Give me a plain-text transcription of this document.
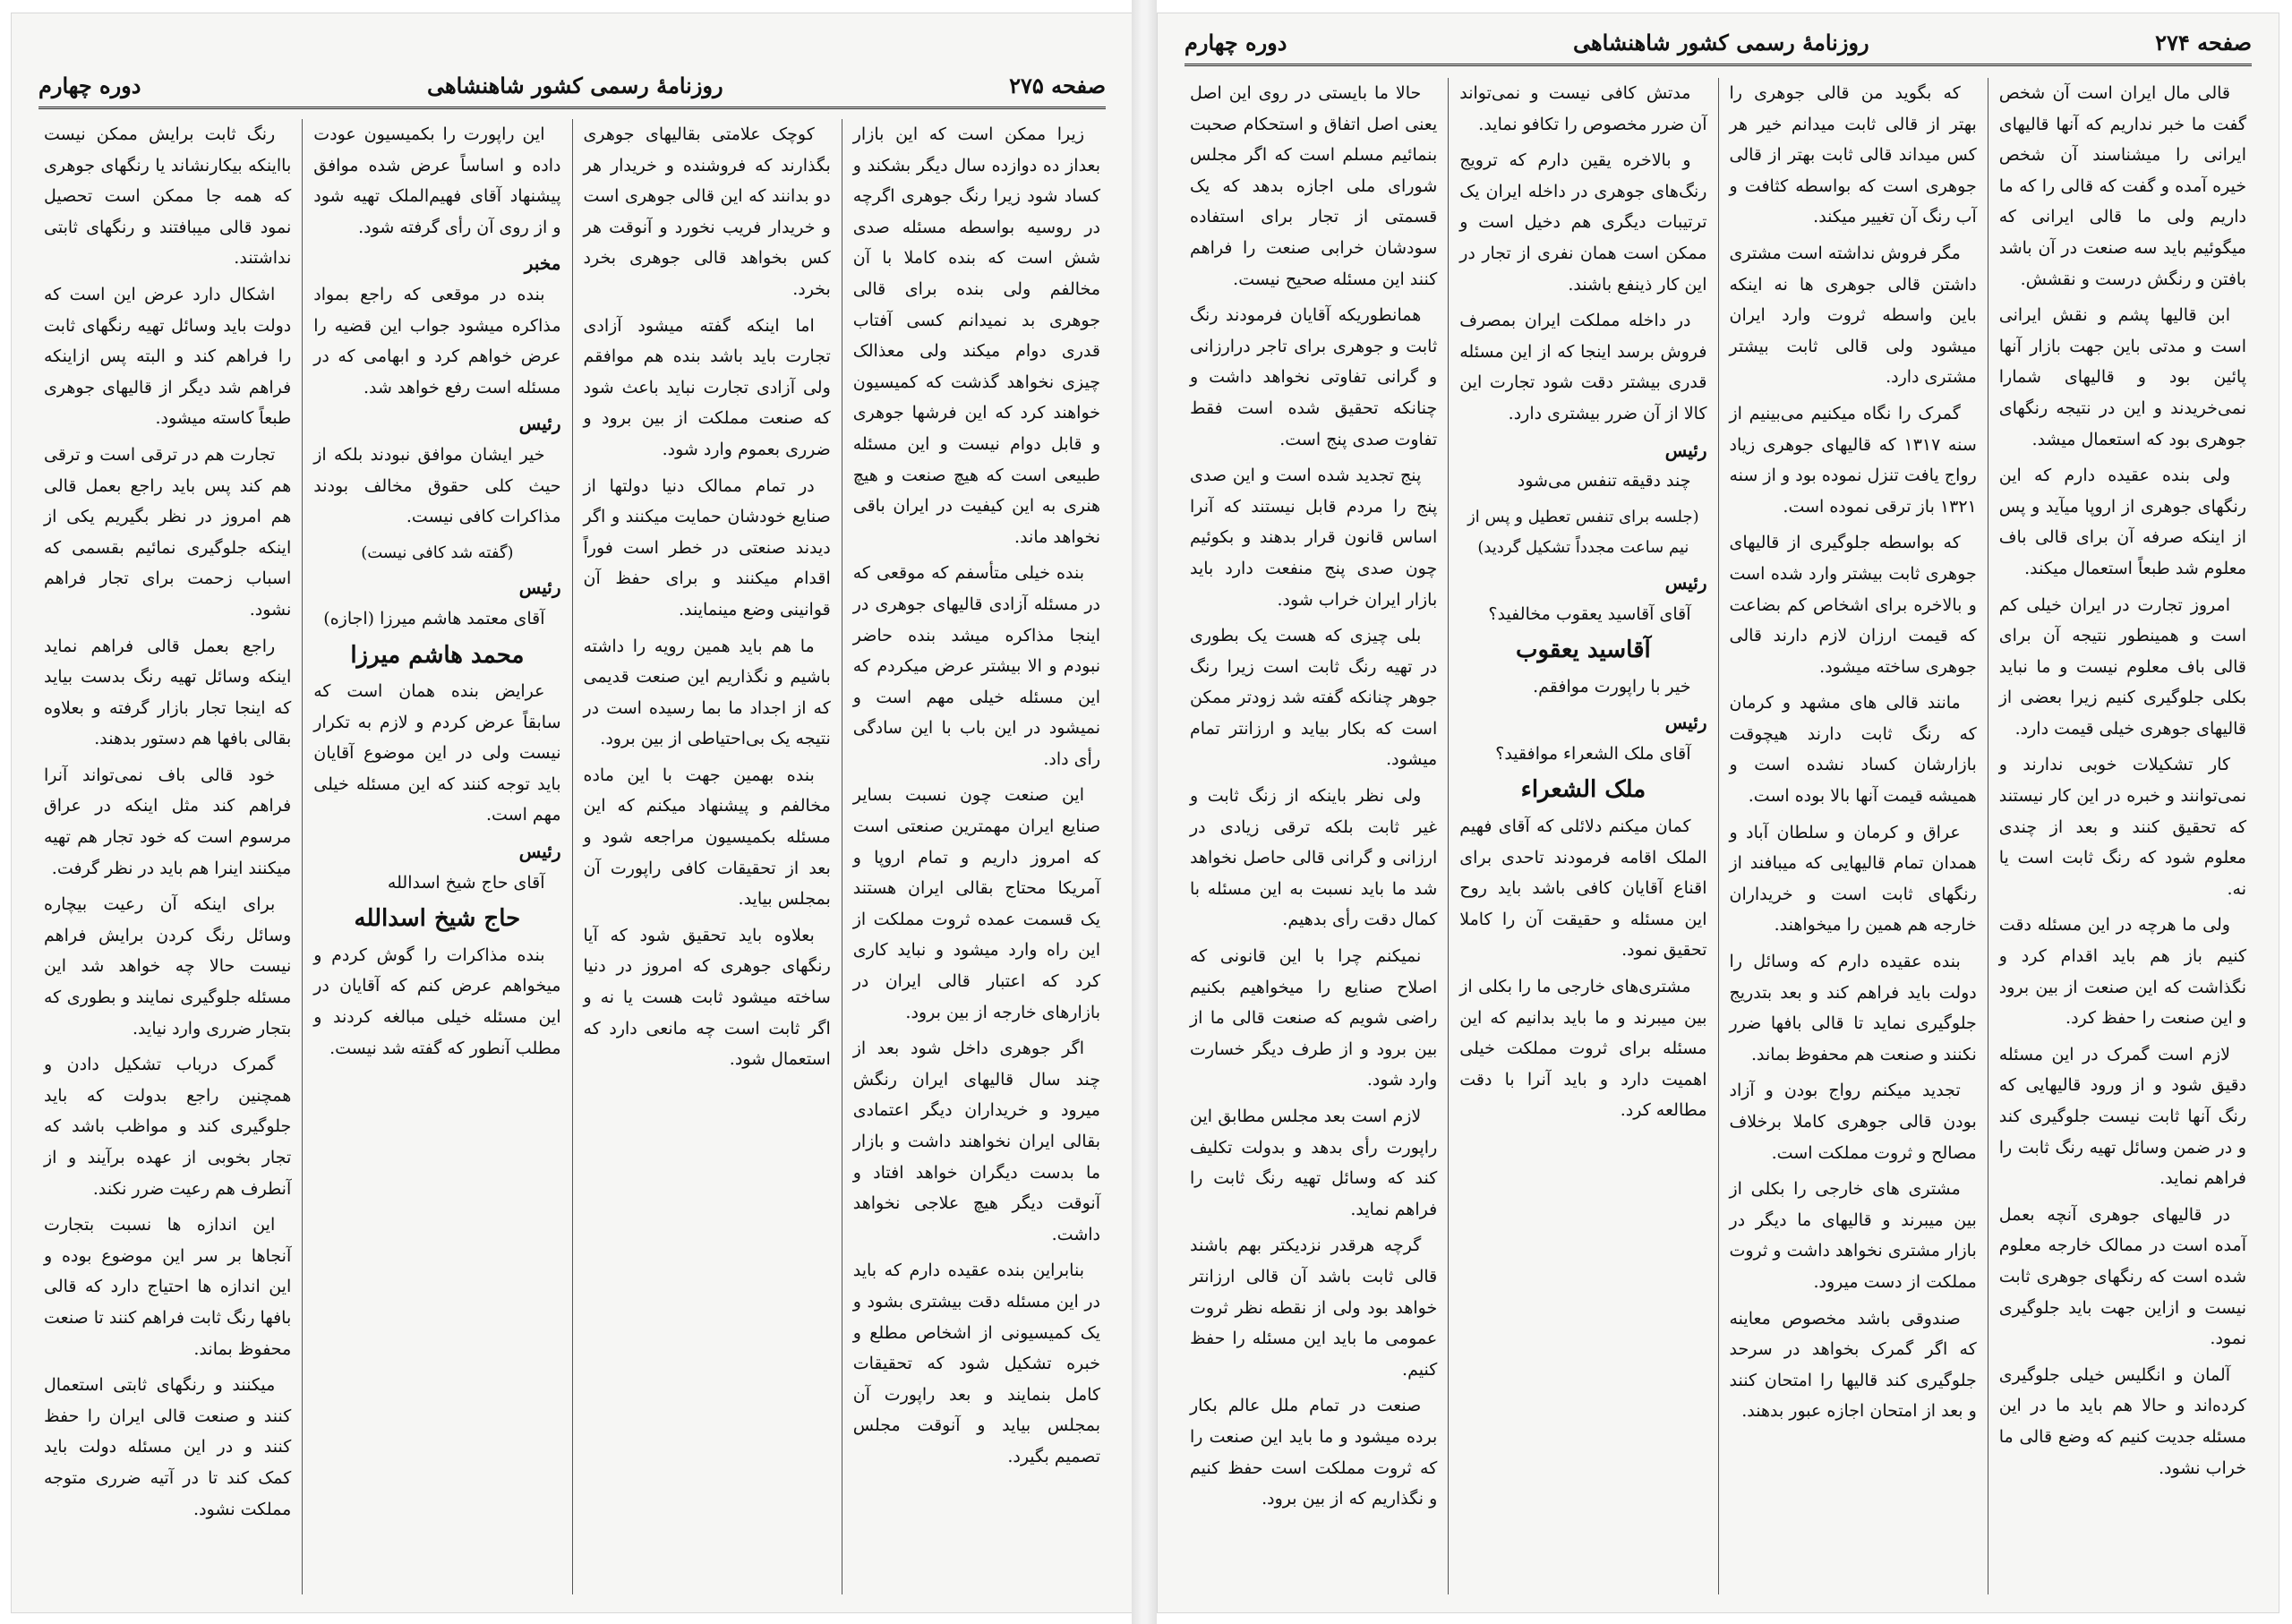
صفحه ۲۷۵
روزنامهٔ رسمی کشور شاهنشاهی
دوره چهارم

زیرا ممکن است که این بازار بعداز ده دوازده سال دیگر بشکند و کساد شود زیرا رنگ جوهری اگرچه در روسیه بواسطه مسئله صدی شش است که بنده کاملا با آن مخالفم ولی بنده برای قالی جوهری بد نمیدانم کسی آفتاب قدری دوام میکند ولی معذالک چیزی نخواهد گذشت که کمیسیون خواهند کرد که این فرشها جوهری و قابل دوام نیست و این مسئله طبیعی است که هیچ صنعت و هیچ هنری به این کیفیت در ایران باقی نخواهد ماند.

بنده خیلی متأسفم که موقعی که در مسئله آزادی قالیهای جوهری در اینجا مذاکره میشد بنده حاضر نبودم و الا بیشتر عرض میکردم که این مسئله خیلی مهم است و نمیشود در این باب با این سادگی رأی داد.

این صنعت چون نسبت بسایر صنایع ایران مهمترین صنعتی است که امروز داریم و تمام اروپا و آمریکا محتاج بقالی ایران هستند یک قسمت عمده ثروت مملکت از این راه وارد میشود و نباید کاری کرد که اعتبار قالی ایران در بازارهای خارجه از بین برود.

اگر جوهری داخل شود بعد از چند سال قالیهای ایران رنگش میرود و خریداران دیگر اعتمادی بقالی ایران نخواهند داشت و بازار ما بدست دیگران خواهد افتاد و آنوقت دیگر هیچ علاجی نخواهد داشت.

بنابراین بنده عقیده دارم که باید در این مسئله دقت بیشتری بشود و یک کمیسیونی از اشخاص مطلع و خبره تشکیل شود که تحقیقات کامل بنمایند و بعد راپورت آن بمجلس بیاید و آنوقت مجلس تصمیم بگیرد.

کوچک علامتی بقالیهای جوهری بگذارند که فروشنده و خریدار هر دو بدانند که این قالی جوهری است و خریدار فریب نخورد و آنوقت هر کس بخواهد قالی جوهری بخرد بخرد.

اما اینکه گفته میشود آزادی تجارت باید باشد بنده هم موافقم ولی آزادی تجارت نباید باعث شود که صنعت مملکت از بین برود و ضرری بعموم وارد شود.

در تمام ممالک دنیا دولتها از صنایع خودشان حمایت میکنند و اگر دیدند صنعتی در خطر است فوراً اقدام میکنند و برای حفظ آن قوانینی وضع مینمایند.

ما هم باید همین رویه را داشته باشیم و نگذاریم این صنعت قدیمی که از اجداد ما بما رسیده است در نتیجه یک بی‌احتیاطی از بین برود.

بنده بهمین جهت با این ماده مخالفم و پیشنهاد میکنم که این مسئله بکمیسیون مراجعه شود و بعد از تحقیقات کافی راپورت آن بمجلس بیاید.

بعلاوه باید تحقیق شود که آیا رنگهای جوهری که امروز در دنیا ساخته میشود ثابت هست یا نه و اگر ثابت است چه مانعی دارد که استعمال شود.

این راپورت را بکمیسیون عودت داده و اساساً عرض شده موافق پیشنهاد آقای فهیم‌الملک تهیه شود و از روی آن رأی گرفته شود.

مخبر

بنده در موقعی که راجع بمواد مذاکره میشود جواب این قضیه را عرض خواهم کرد و ابهامی که در مسئله است رفع خواهد شد.

رئیس

خیر ایشان موافق نبودند بلکه از حیث کلی حقوق مخالف بودند مذاکرات کافی نیست.

(گفته شد کافی نیست)
رئیس

آقای معتمد هاشم میرزا (اجازه)

محمد هاشم میرزا

عرایض بنده همان است که سابقاً عرض کردم و لازم به تکرار نیست ولی در این موضوع آقایان باید توجه کنند که این مسئله خیلی مهم است.

رئیس

آقای حاج شیخ اسدالله

حاج شیخ اسدالله

بنده مذاکرات را گوش کردم و میخواهم عرض کنم که آقایان در این مسئله خیلی مبالغه کردند و مطلب آنطور که گفته شد نیست.

رنگ ثابت برایش ممکن نیست بااینکه بیکارنشاند یا رنگهای جوهری که همه جا ممکن است تحصیل نمود قالی میبافتند و رنگهای ثابتی نداشتند.

اشکال دارد عرض این است که دولت باید وسائل تهیه رنگهای ثابت را فراهم کند و البته پس ازاینکه فراهم شد دیگر از قالیهای جوهری طبعاً کاسته میشود.

تجارت هم در ترقی است و ترقی هم کند پس باید راجع بعمل قالی هم امروز در نظر بگیریم یکی از اینکه جلوگیری نمائیم بقسمی که اسباب زحمت برای تجار فراهم نشود.

راجع بعمل قالی فراهم نماید اینکه وسائل تهیه رنگ بدست بیاید که اینجا تجار بازار گرفته و بعلاوه بقالی بافها هم دستور بدهند.

خود قالی باف نمی‌تواند آنرا فراهم کند مثل اینکه در عراق مرسوم است که خود تجار هم تهیه میکنند اینرا هم باید در نظر گرفت.

برای اینکه آن رعیت بیچاره وسائل رنگ کردن برایش فراهم نیست حالا چه خواهد شد این مسئله جلوگیری نمایند و بطوری که بتجار ضرری وارد نیاید.

گمرک درباب تشکیل دادن و همچنین راجع بدولت که باید جلوگیری کند و مواظب باشد که تجار بخوبی از عهده برآیند و از آنطرف هم رعیت ضرر نکند.

این اندازه ها نسبت بتجارت آنجاها بر سر این موضوع بوده و این اندازه ها احتیاج دارد که قالی بافها رنگ ثابت فراهم کنند تا صنعت محفوظ بماند.

میکنند و رنگهای ثابتی استعمال کنند و صنعت قالی ایران را حفظ کنند و در این مسئله دولت باید کمک کند تا در آتیه ضرری متوجه مملکت نشود.

صفحه ۲۷۴
روزنامهٔ رسمی کشور شاهنشاهی
دوره چهارم

قالی مال ایران است آن شخص گفت ما خبر نداریم که آنها قالیهای ایرانی را میشناسند آن شخص خیره آمده و گفت که قالی را که ما داریم ولی ما قالی ایرانی که میگوئیم باید سه صنعت در آن باشد بافتن و رنگش درست و نقشش.

ابن قالیها پشم و نقش ایرانی است و مدتی باین جهت بازار آنها پائین بود و قالیهای شمارا نمی‌خریدند و این در نتیجه رنگهای جوهری بود که استعمال میشد.

ولی بنده عقیده دارم که این رنگهای جوهری از اروپا میآید و پس از اینکه صرفه آن برای قالی باف معلوم شد طبعاً استعمال میکند.

امروز تجارت در ایران خیلی کم است و همینطور نتیجه آن برای قالی باف معلوم نیست و ما نباید بکلی جلوگیری کنیم زیرا بعضی از قالیهای جوهری خیلی قیمت دارد.

کار تشکیلات خوبی ندارند و نمی‌توانند و خبره در این کار نیستند که تحقیق کنند و بعد از چندی معلوم شود که رنگ ثابت است یا نه.

ولی ما هرچه در این مسئله دقت کنیم باز هم باید اقدام کرد و نگذاشت که این صنعت از بین برود و این صنعت را حفظ کرد.

لازم است گمرک در این مسئله دقیق شود و از ورود قالیهایی که رنگ آنها ثابت نیست جلوگیری کند و در ضمن وسائل تهیه رنگ ثابت را فراهم نماید.

در قالیهای جوهری آنچه بعمل آمده است در ممالک خارجه معلوم شده است که رنگهای جوهری ثابت نیست و ازاین جهت باید جلوگیری نمود.

آلمان و انگلیس خیلی جلوگیری کرده‌اند و حالا هم باید ما در این مسئله جدیت کنیم که وضع قالی ما خراب نشود.

که بگوید من قالی جوهری را بهتر از قالی ثابت میدانم خیر هر کس میداند قالی ثابت بهتر از قالی جوهری است که بواسطه کثافت و آب رنگ آن تغییر میکند.

مگر فروش نداشته است مشتری داشتن قالی جوهری ها نه اینکه باین واسطه ثروت وارد ایران میشود ولی قالی ثابت بیشتر مشتری دارد.

گمرک را نگاه میکنیم می‌بینیم از سنه ۱۳۱۷ که قالیهای جوهری زیاد رواج یافت تنزل نموده بود و از سنه ۱۳۲۱ باز ترقی نموده است.

که بواسطه جلوگیری از قالیهای جوهری ثابت بیشتر وارد شده است و بالاخره برای اشخاص کم بضاعت که قیمت ارزان لازم دارند قالی جوهری ساخته میشود.

مانند قالی های مشهد و کرمان که رنگ ثابت دارند هیچوقت بازارشان کساد نشده است و همیشه قیمت آنها بالا بوده است.

عراق و کرمان و سلطان آباد و همدان تمام قالیهایی که میبافند از رنگهای ثابت است و خریداران خارجه هم همین را میخواهند.

بنده عقیده دارم که وسائل را دولت باید فراهم کند و بعد بتدریج جلوگیری نماید تا قالی بافها ضرر نکنند و صنعت هم محفوظ بماند.

تجدید میکنم رواج بودن و آزاد بودن قالی جوهری کاملا برخلاف مصالح و ثروت مملکت است.

مشتری های خارجی را بکلی از بین میبرند و قالیهای ما دیگر در بازار مشتری نخواهد داشت و ثروت مملکت از دست میرود.

صندوقی باشد مخصوص معاینه که اگر گمرک بخواهد در سرحد جلوگیری کند قالیها را امتحان کنند و بعد از امتحان اجازه عبور بدهند.

مدتش کافی نیست و نمی‌تواند آن ضرر مخصوص را تکافو نماید.

و بالاخره یقین دارم که ترویج رنگ‌های جوهری در داخله ایران یک ترتیبات دیگری هم دخیل است و ممکن است همان نفری از تجار در این کار ذینفع باشند.

در داخله مملکت ایران بمصرف فروش برسد اینجا که از این مسئله قدری بیشتر دقت شود تجارت این کالا از آن ضرر بیشتری دارد.

رئیس

چند دقیقه تنفس می‌شود

(جلسه برای تنفس تعطیل و پس از نیم ساعت مجدداً تشکیل گردید)
رئیس

آقای آقاسید یعقوب مخالفید؟

آقاسید یعقوب

خیر با راپورت موافقم.

رئیس

آقای ملک الشعراء موافقید؟

ملک الشعراء

کمان میکنم دلائلی که آقای فهیم الملک اقامه فرمودند تاحدی برای اقناع آقایان کافی باشد باید روح این مسئله و حقیقت آن را کاملا تحقیق نمود.

مشتری‌های خارجی ما را بکلی از بین میبرند و ما باید بدانیم که این مسئله برای ثروت مملکت خیلی اهمیت دارد و باید آنرا با دقت مطالعه کرد.

حالا ما بایستی در روی این اصل یعنی اصل اتفاق و استحکام صحبت بنمائیم مسلم است که اگر مجلس شورای ملی اجازه بدهد که یک قسمتی از تجار برای استفاده سودشان خرابی صنعت را فراهم کنند این مسئله صحیح نیست.

همانطوریکه آقایان فرمودند رنگ ثابت و جوهری برای تاجر درارزانی و گرانی تفاوتی نخواهد داشت و چنانکه تحقیق شده است فقط تفاوت صدی پنج است.

پنج تجدید شده است و این صدی پنج را مردم قابل نیستند که آنرا اساس قانون قرار بدهند و بکوئیم چون صدی پنج منفعت دارد باید بازار ایران خراب شود.

بلی چیزی که هست یک بطوری در تهیه رنگ ثابت است زیرا رنگ جوهر چنانکه گفته شد زودتر ممکن است که بکار بیاید و ارزانتر تمام میشود.

ولی نظر باینکه از زنگ ثابت و غیر ثابت بلکه ترقی زیادی در ارزانی و گرانی قالی حاصل نخواهد شد ما باید نسبت به این مسئله با کمال دقت رأی بدهیم.

نمیکنم چرا با این قانونی که اصلاح صنایع را میخواهیم بکنیم راضی شویم که صنعت قالی ما از بین برود و از طرف دیگر خسارت وارد شود.

لازم است بعد مجلس مطابق این راپورت رأی بدهد و بدولت تکلیف کند که وسائل تهیه رنگ ثابت را فراهم نماید.

گرچه هرقدر نزدیکتر بهم باشند قالی ثابت باشد آن قالی ارزانتر خواهد بود ولی از نقطه نظر ثروت عمومی ما باید این مسئله را حفظ کنیم.

صنعت در تمام ملل عالم بکار برده میشود و ما باید این صنعت را که ثروت مملکت است حفظ کنیم و نگذاریم که از بین برود.
